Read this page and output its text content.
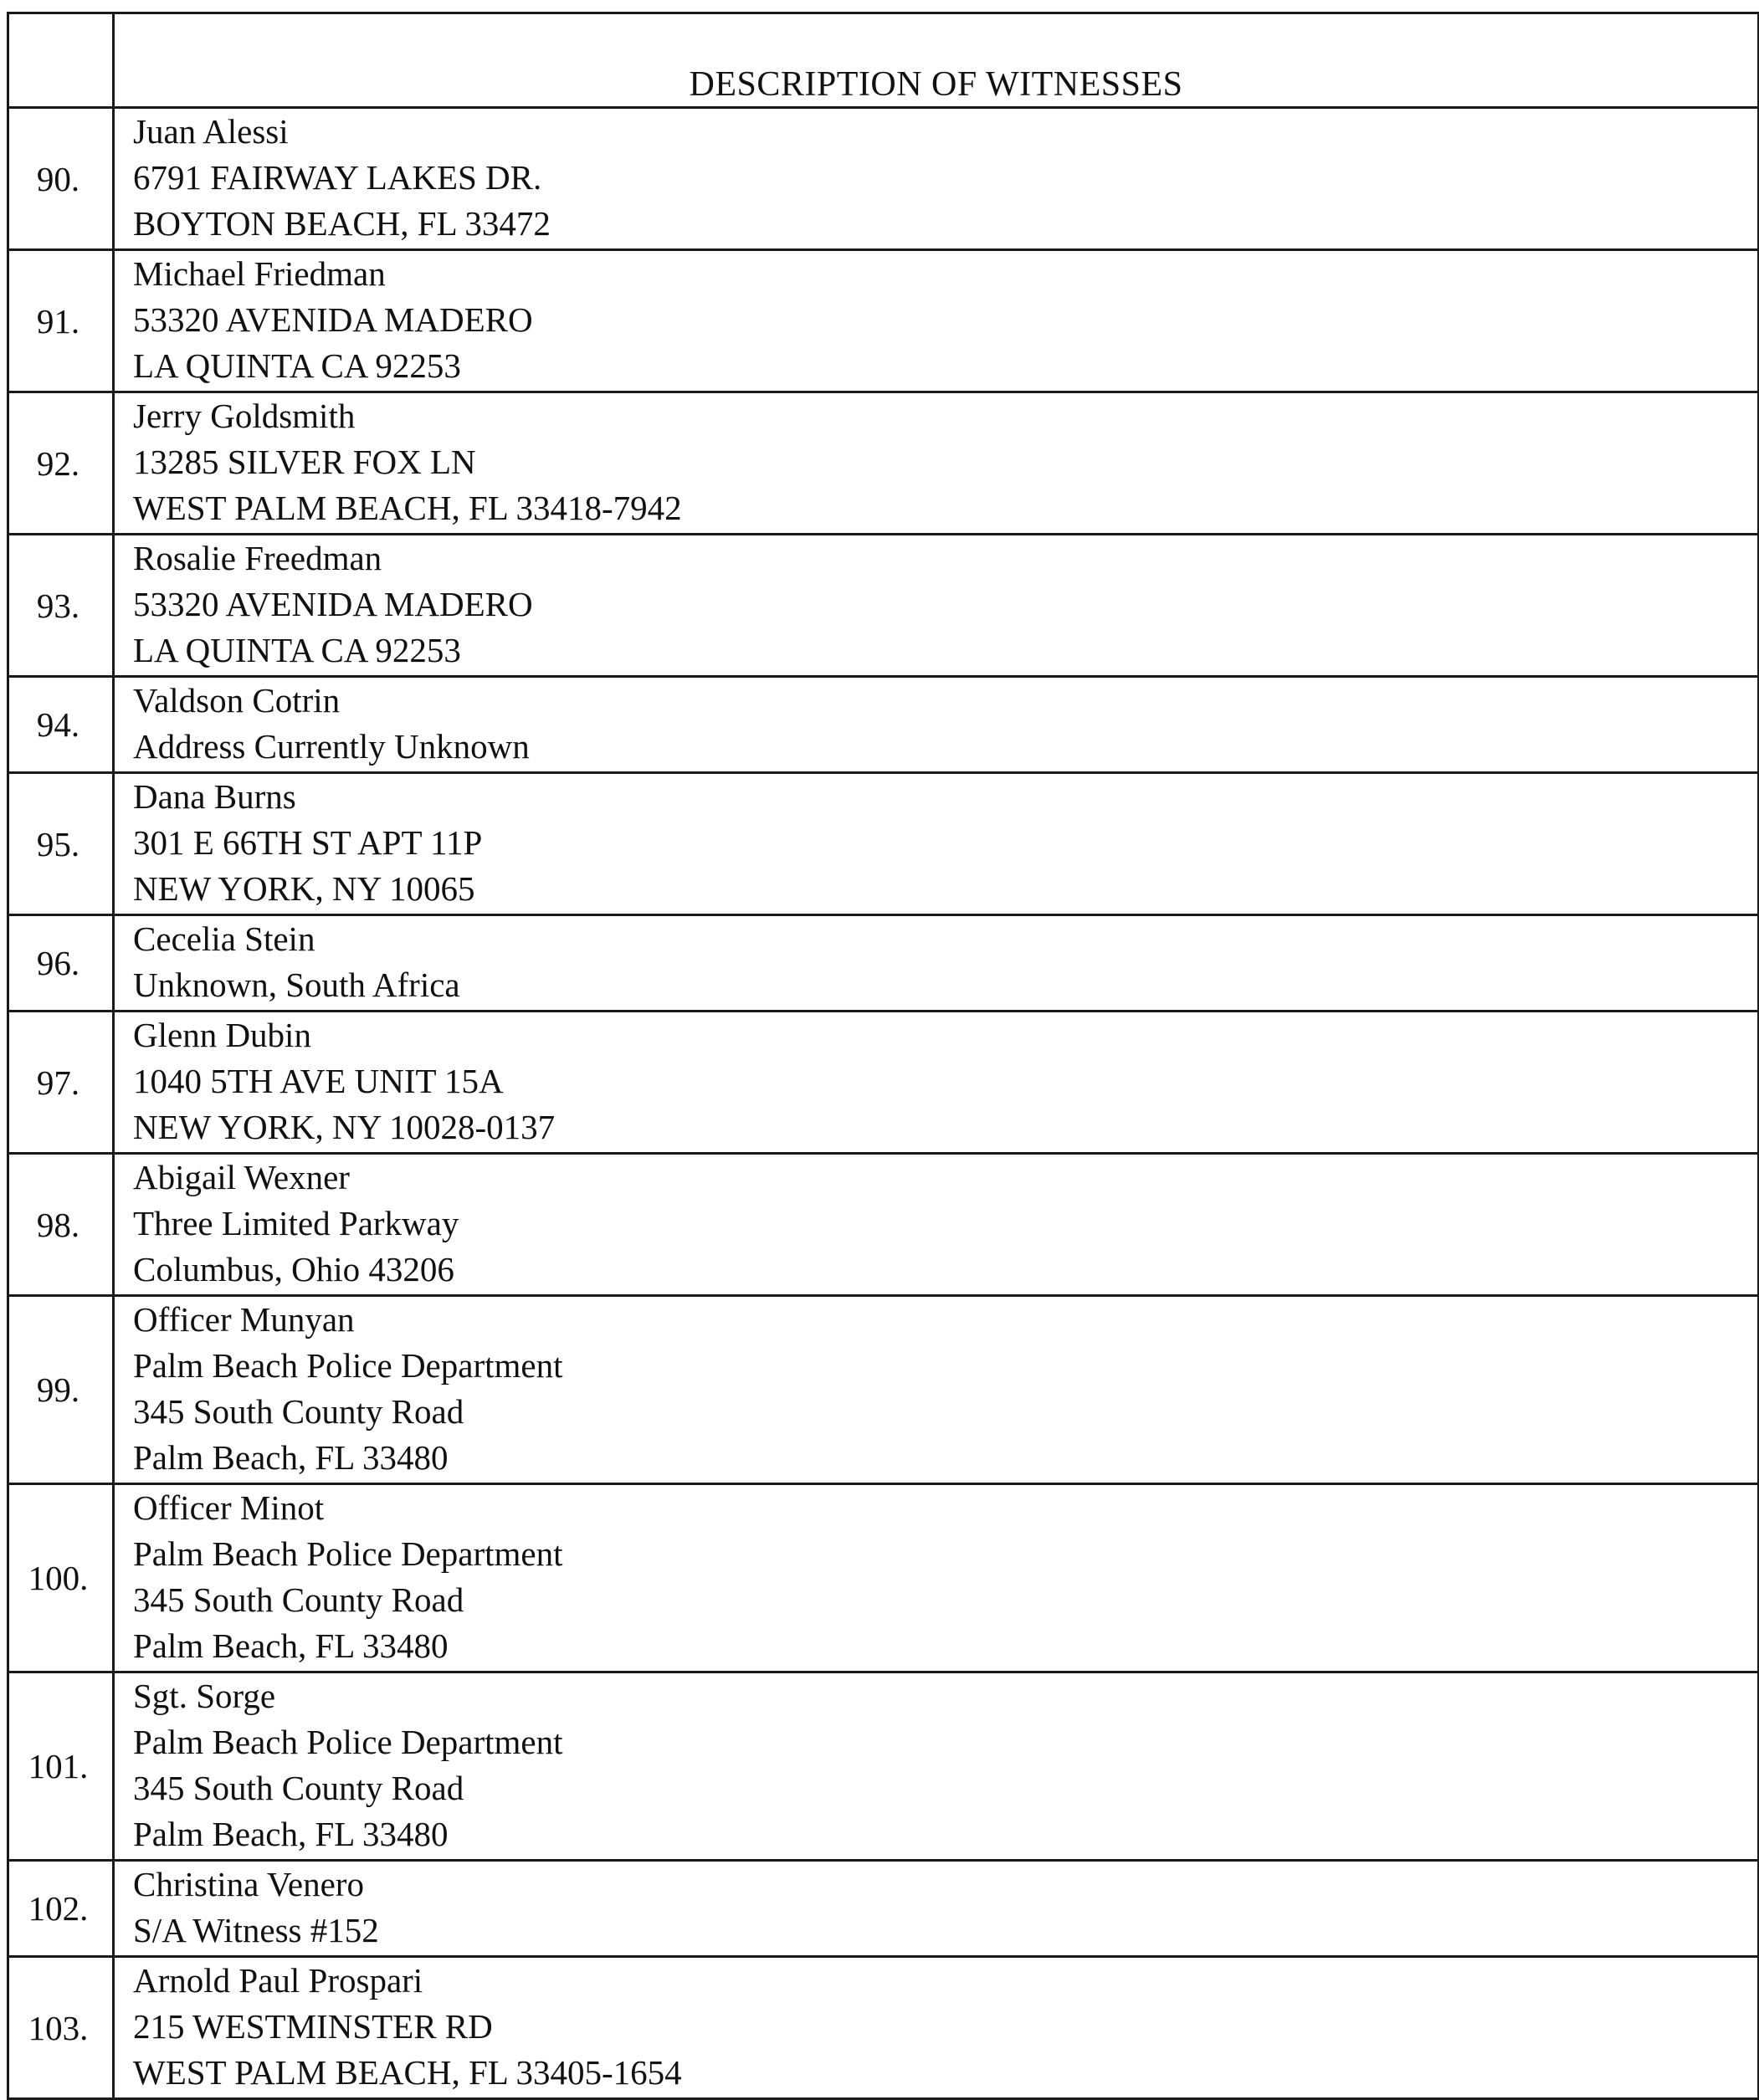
	DESCRIPTION OF WITNESSES
90.	Juan Alessi
6791 FAIRWAY LAKES DR.
BOYTON BEACH, FL 33472

91.	Michael Friedman
53320 AVENIDA MADERO
LA QUINTA CA 92253

92.	Jerry Goldsmith
13285 SILVER FOX LN
WEST PALM BEACH, FL 33418-7942

93.	Rosalie Freedman
53320 AVENIDA MADERO
LA QUINTA CA 92253

94.	Valdson Cotrin
Address Currently Unknown

95.	Dana Burns
301 E 66TH ST APT 11P
NEW YORK, NY 10065

96.	Cecelia Stein
Unknown, South Africa

97.	Glenn Dubin
1040 5TH AVE UNIT 15A
NEW YORK, NY 10028-0137

98.	Abigail Wexner
Three Limited Parkway
Columbus, Ohio 43206

99.	Officer Munyan
Palm Beach Police Department
345 South County Road
Palm Beach, FL 33480

100.	Officer Minot
Palm Beach Police Department
345 South County Road
Palm Beach, FL 33480

101.	Sgt. Sorge
Palm Beach Police Department
345 South County Road
Palm Beach, FL 33480

102.	Christina Venero
S/A Witness #152

103.	Arnold Paul Prospari
215 WESTMINSTER RD
WEST PALM BEACH, FL 33405-1654
